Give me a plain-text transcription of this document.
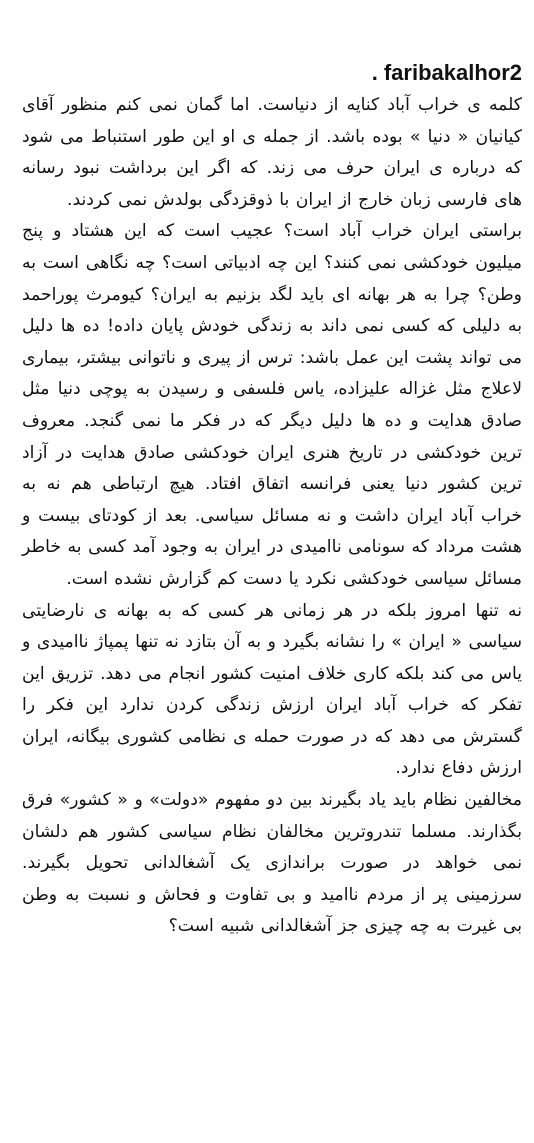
. faribakalhor2

کلمه ی خراب آباد کنایه از دنیاست. اما گمان نمی کنم منظور آقای کیانیان « دنیا » بوده باشد. از جمله ی او این طور استنباط می شود که درباره ی ایران حرف می زند. که اگر این برداشت نبود رسانه های فارسی زبان خارج از ایران با ذوقزدگی بولدش نمی کردند.

براستی ایران خراب آباد است؟ عجیب است که این هشتاد و پنج میلیون خودکشی نمی کنند؟ این چه ادبیاتی است؟ چه نگاهی است به وطن؟ چرا به هر بهانه ای باید لگد بزنیم به ایران؟ کیومرث پوراحمد به دلیلی که کسی نمی داند به زندگی خودش پایان داده! ده ها دلیل می تواند پشت این عمل باشد: ترس از پیری و ناتوانی بیشتر، بیماری لاعلاج مثل غزاله علیزاده، یاس فلسفی و رسیدن به پوچی دنیا مثل صادق هدایت و ده ها دلیل دیگر که در فکر ما نمی گنجد. معروف ترین خودکشی در تاریخ هنری ایران خودکشی صادق هدایت در آزاد ترین کشور دنیا یعنی فرانسه اتفاق افتاد. هیچ ارتباطی هم نه به خراب آباد ایران داشت و نه مسائل سیاسی. بعد از کودتای بیست و هشت مرداد که سونامی ناامیدی در ایران به وجود آمد کسی به خاطر مسائل سیاسی خودکشی نکرد یا دست کم گزارش نشده است.

نه تنها امروز بلکه در هر زمانی هر کسی که به بهانه ی نارضایتی سیاسی « ایران » را نشانه بگیرد و به آن بتازد نه تنها پمپاژ ناامیدی و یاس می کند بلکه کاری خلاف امنیت کشور انجام می دهد. تزریق این تفکر که خراب آباد ایران ارزش زندگی کردن ندارد این فکر را گسترش می دهد که در صورت حمله ی نظامی کشوری بیگانه، ایران ارزش دفاع ندارد.

مخالفین نظام باید یاد بگیرند بین دو مفهوم «دولت» و « کشور» فرق بگذارند. مسلما تندروترین مخالفان نظام سیاسی کشور هم دلشان نمی خواهد در صورت براندازی یک آشغالدانی تحویل بگیرند. سرزمینی پر از مردم ناامید و بی تفاوت و فحاش و نسبت به وطن بی غیرت به چه چیزی جز آشغالدانی شبیه است؟
